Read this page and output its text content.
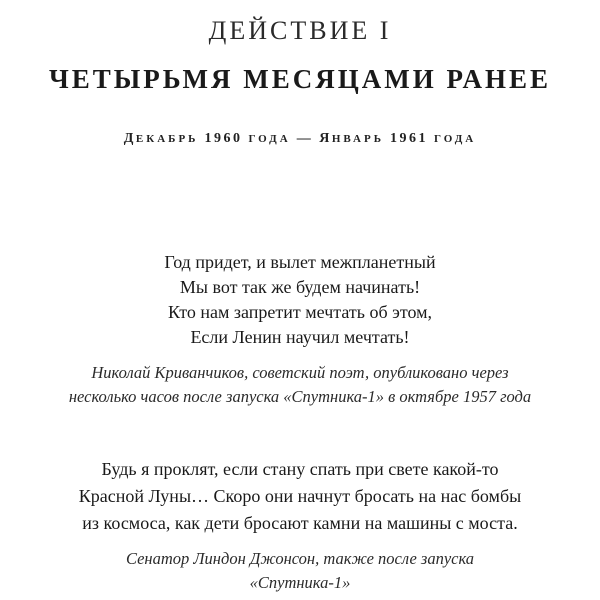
ДЕЙСТВИЕ I
ЧЕТЫРЬМЯ МЕСЯЦАМИ РАНЕЕ
ДЕКАБРЬ 1960 ГОДА — ЯНВАРЬ 1961 ГОДА
Год придет, и вылет межпланетный
Мы вот так же будем начинать!
Кто нам запретит мечтать об этом,
Если Ленин научил мечтать!
Николай Криванчиков, советский поэт, опубликовано через
несколько часов после запуска «Спутника-1» в октябре 1957 года
Будь я проклят, если стану спать при свете какой-то
Красной Луны… Скоро они начнут бросать на нас бомбы
из космоса, как дети бросают камни на машины с моста.
Сенатор Линдон Джонсон, также после запуска
«Спутника-1»
